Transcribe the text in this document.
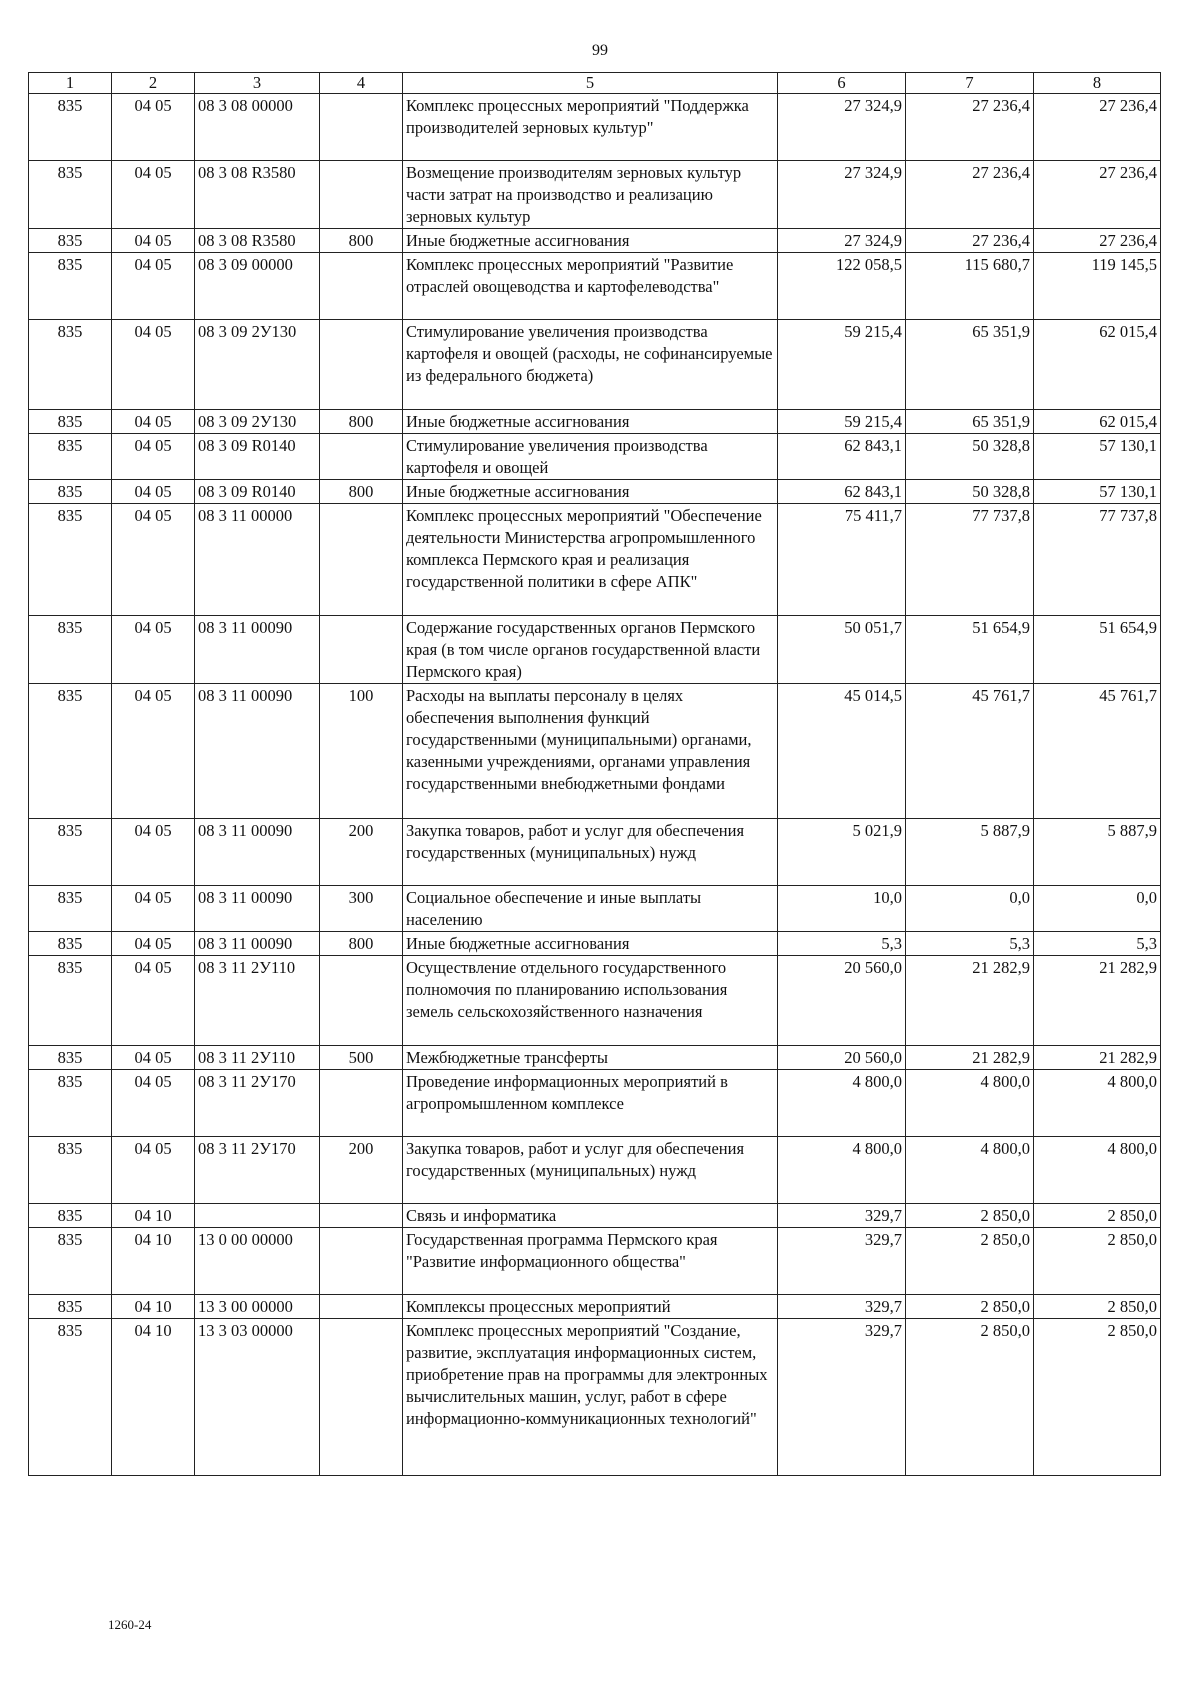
99
1	2	3	4	5	6	7	8
835	04 05	08 3 08 00000		Комплекс процессных мероприятий "Поддержка производителей зерновых культур"	27 324,9	27 236,4	27 236,4
835	04 05	08 3 08 R3580		Возмещение производителям зерновых культур части затрат на производство и реализацию зерновых культур	27 324,9	27 236,4	27 236,4
835	04 05	08 3 08 R3580	800	Иные бюджетные ассигнования	27 324,9	27 236,4	27 236,4
835	04 05	08 3 09 00000		Комплекс процессных мероприятий "Развитие отраслей овощеводства и картофелеводства"	122 058,5	115 680,7	119 145,5
835	04 05	08 3 09 2У130		Стимулирование увеличения производства картофеля и овощей (расходы, не софинансируемые из федерального бюджета)	59 215,4	65 351,9	62 015,4
835	04 05	08 3 09 2У130	800	Иные бюджетные ассигнования	59 215,4	65 351,9	62 015,4
835	04 05	08 3 09 R0140		Стимулирование увеличения производства картофеля и овощей	62 843,1	50 328,8	57 130,1
835	04 05	08 3 09 R0140	800	Иные бюджетные ассигнования	62 843,1	50 328,8	57 130,1
835	04 05	08 3 11 00000		Комплекс процессных мероприятий "Обеспечение деятельности Министерства агропромышленного комплекса Пермского края и реализация государственной политики в сфере АПК"	75 411,7	77 737,8	77 737,8
835	04 05	08 3 11 00090		Содержание государственных органов Пермского края (в том числе органов государственной власти Пермского края)	50 051,7	51 654,9	51 654,9
835	04 05	08 3 11 00090	100	Расходы на выплаты персоналу в целях обеспечения выполнения функций государственными (муниципальными) органами, казенными учреждениями, органами управления государственными внебюджетными фондами	45 014,5	45 761,7	45 761,7
835	04 05	08 3 11 00090	200	Закупка товаров, работ и услуг для обеспечения государственных (муниципальных) нужд	5 021,9	5 887,9	5 887,9
835	04 05	08 3 11 00090	300	Социальное обеспечение и иные выплаты населению	10,0	0,0	0,0
835	04 05	08 3 11 00090	800	Иные бюджетные ассигнования	5,3	5,3	5,3
835	04 05	08 3 11 2У110		Осуществление отдельного государственного полномочия по планированию использования земель сельскохозяйственного назначения	20 560,0	21 282,9	21 282,9
835	04 05	08 3 11 2У110	500	Межбюджетные трансферты	20 560,0	21 282,9	21 282,9
835	04 05	08 3 11 2У170		Проведение информационных мероприятий в агропромышленном комплексе	4 800,0	4 800,0	4 800,0
835	04 05	08 3 11 2У170	200	Закупка товаров, работ и услуг для обеспечения государственных (муниципальных) нужд	4 800,0	4 800,0	4 800,0
835	04 10			Связь и информатика	329,7	2 850,0	2 850,0
835	04 10	13 0 00 00000		Государственная программа Пермского края "Развитие информационного общества"	329,7	2 850,0	2 850,0
835	04 10	13 3 00 00000		Комплексы процессных мероприятий	329,7	2 850,0	2 850,0
835	04 10	13 3 03 00000		Комплекс процессных мероприятий "Создание, развитие, эксплуатация информационных систем, приобретение прав на программы для электронных вычислительных машин, услуг, работ в сфере информационно-коммуникационных технологий"	329,7	2 850,0	2 850,0
1260-24
